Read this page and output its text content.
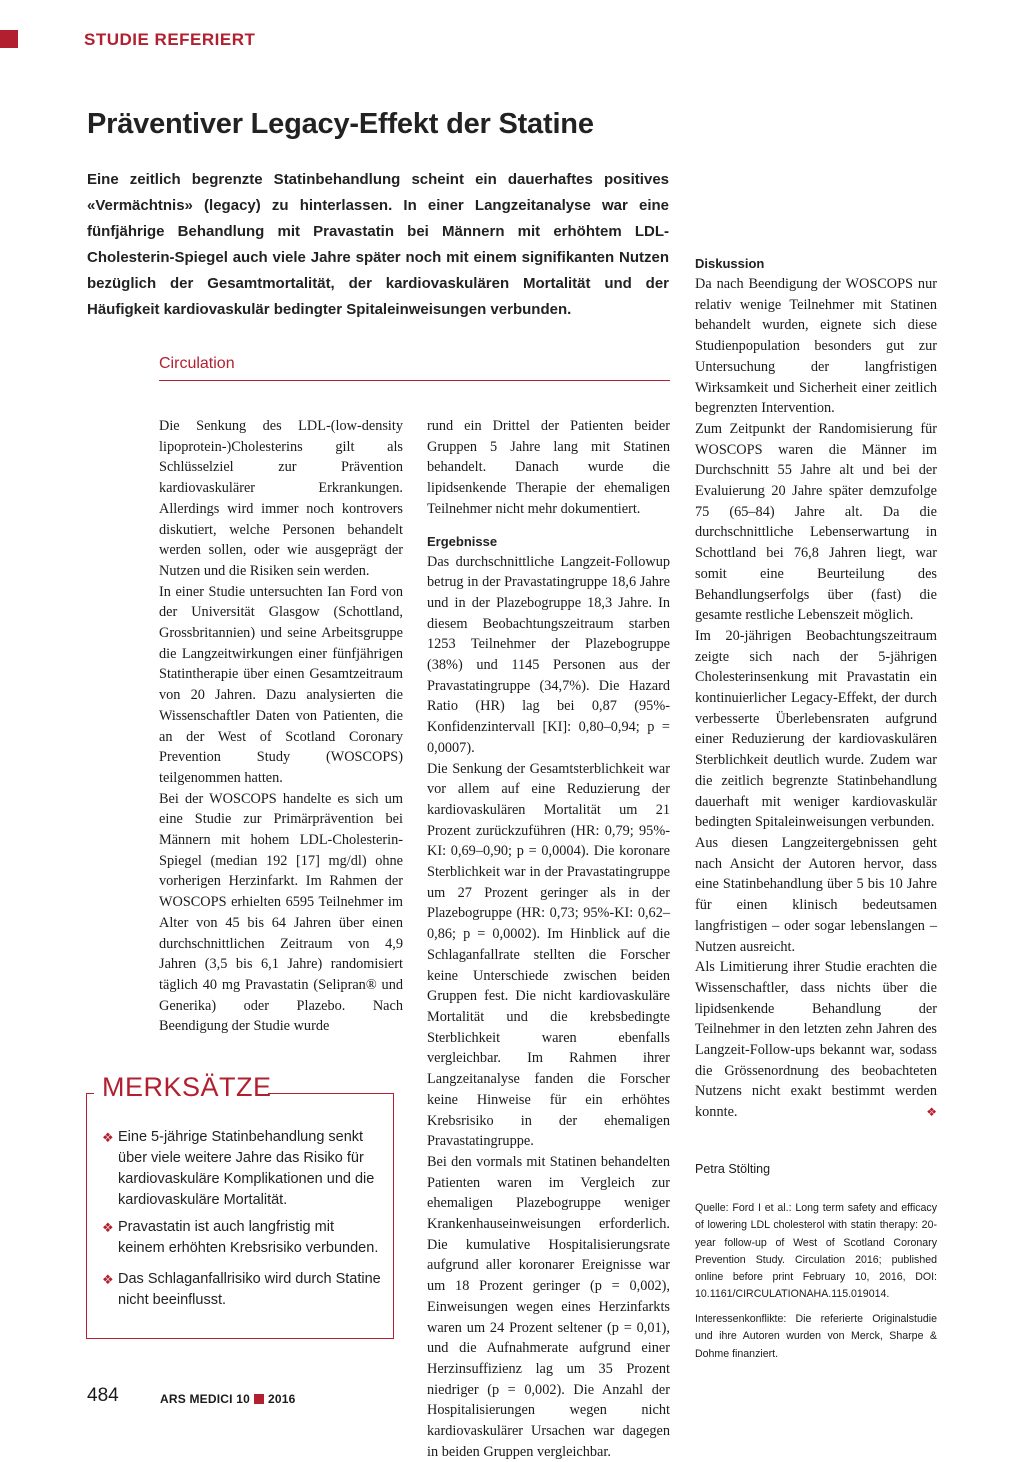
STUDIE REFERIERT
Präventiver Legacy-Effekt der Statine
Eine zeitlich begrenzte Statinbehandlung scheint ein dauerhaftes positives «Vermächtnis» (legacy) zu hinterlassen. In einer Langzeitanalyse war eine fünfjährige Behandlung mit Pravastatin bei Männern mit erhöhtem LDL-Cholesterin-Spiegel auch viele Jahre später noch mit einem signifikanten Nutzen bezüglich der Gesamtmortalität, der kardiovaskulären Mortalität und der Häufigkeit kardiovaskulär bedingter Spitaleinweisungen verbunden.
Circulation

Die Senkung des LDL-(low-density lipoprotein-)Cholesterins gilt als Schlüsselziel zur Prävention kardiovaskulärer Erkrankungen. Allerdings wird immer noch kontrovers diskutiert, welche Personen behandelt werden sollen, oder wie ausgeprägt der Nutzen und die Risiken sein werden.

In einer Studie untersuchten Ian Ford von der Universität Glasgow (Schottland, Grossbritannien) und seine Arbeitsgruppe die Langzeitwirkungen einer fünfjährigen Statintherapie über einen Gesamtzeitraum von 20 Jahren. Dazu analysierten die Wissenschaftler Daten von Patienten, die an der West of Scotland Coronary Prevention Study (WOSCOPS) teilgenommen hatten.

Bei der WOSCOPS handelte es sich um eine Studie zur Primärprävention bei Männern mit hohem LDL-Cholesterin-Spiegel (median 192 [17] mg/dl) ohne vorherigen Herzinfarkt. Im Rahmen der WOSCOPS erhielten 6595 Teilnehmer im Alter von 45 bis 64 Jahren über einen durchschnittlichen Zeitraum von 4,9 Jahren (3,5 bis 6,1 Jahre) randomisiert täglich 40 mg Pravastatin (Selipran® und Generika) oder Plazebo. Nach Beendigung der Studie wurde

rund ein Drittel der Patienten beider Gruppen 5 Jahre lang mit Statinen behandelt. Danach wurde die lipidsenkende Therapie der ehemaligen Teilnehmer nicht mehr dokumentiert.

Ergebnisse

Das durchschnittliche Langzeit-Followup betrug in der Pravastatingruppe 18,6 Jahre und in der Plazebogruppe 18,3 Jahre. In diesem Beobachtungszeitraum starben 1253 Teilnehmer der Plazebogruppe (38%) und 1145 Personen aus der Pravastatingruppe (34,7%). Die Hazard Ratio (HR) lag bei 0,87 (95%-Konfidenzintervall [KI]: 0,80–0,94; p = 0,0007).

Die Senkung der Gesamtsterblichkeit war vor allem auf eine Reduzierung der kardiovaskulären Mortalität um 21 Prozent zurückzuführen (HR: 0,79; 95%-KI: 0,69–0,90; p = 0,0004). Die koronare Sterblichkeit war in der Pravastatingruppe um 27 Prozent geringer als in der Plazebogruppe (HR: 0,73; 95%-KI: 0,62–0,86; p = 0,0002). Im Hinblick auf die Schlaganfallrate stellten die Forscher keine Unterschiede zwischen beiden Gruppen fest. Die nicht kardiovaskuläre Mortalität und die krebsbedingte Sterblichkeit waren ebenfalls vergleichbar. Im Rahmen ihrer Langzeitanalyse fanden die Forscher keine Hinweise für ein erhöhtes Krebsrisiko in der ehemaligen Pravastatingruppe.

Bei den vormals mit Statinen behandelten Patienten waren im Vergleich zur ehemaligen Plazebogruppe weniger Krankenhauseinweisungen erforderlich. Die kumulative Hospitalisierungsrate aufgrund aller koronarer Ereignisse war um 18 Prozent geringer (p = 0,002), Einweisungen wegen eines Herzinfarkts waren um 24 Prozent seltener (p = 0,01), und die Aufnahmerate aufgrund einer Herzinsuffizienz lag um 35 Prozent niedriger (p = 0,002). Die Anzahl der Hospitalisierungen wegen nicht kardiovaskulärer Ursachen war dagegen in beiden Gruppen vergleichbar.

Diskussion

Da nach Beendigung der WOSCOPS nur relativ wenige Teilnehmer mit Statinen behandelt wurden, eignete sich diese Studienpopulation besonders gut zur Untersuchung der langfristigen Wirksamkeit und Sicherheit einer zeitlich begrenzten Intervention.

Zum Zeitpunkt der Randomisierung für WOSCOPS waren die Männer im Durchschnitt 55 Jahre alt und bei der Evaluierung 20 Jahre später demzufolge 75 (65–84) Jahre alt. Da die durchschnittliche Lebenserwartung in Schottland bei 76,8 Jahren liegt, war somit eine Beurteilung des Behandlungserfolgs über (fast) die gesamte restliche Lebenszeit möglich.

Im 20-jährigen Beobachtungszeitraum zeigte sich nach der 5-jährigen Cholesterinsenkung mit Pravastatin ein kontinuierlicher Legacy-Effekt, der durch verbesserte Überlebensraten aufgrund einer Reduzierung der kardiovaskulären Sterblichkeit deutlich wurde. Zudem war die zeitlich begrenzte Statinbehandlung dauerhaft mit weniger kardiovaskulär bedingten Spitaleinweisungen verbunden.

Aus diesen Langzeitergebnissen geht nach Ansicht der Autoren hervor, dass eine Statinbehandlung über 5 bis 10 Jahre für einen klinisch bedeutsamen langfristigen – oder sogar lebenslangen – Nutzen ausreicht.

Als Limitierung ihrer Studie erachten die Wissenschaftler, dass nichts über die lipidsenkende Behandlung der Teilnehmer in den letzten zehn Jahren des Langzeit-Follow-ups bekannt war, sodass die Grössenordnung des beobachteten Nutzens nicht exakt bestimmt werden konnte.	❖

MERKSÄTZE
❖ Eine 5-jährige Statinbehandlung senkt über viele weitere Jahre das Risiko für kardiovaskuläre Komplikationen und die kardiovaskuläre Mortalität.
❖ Pravastatin ist auch langfristig mit keinem erhöhten Krebsrisiko verbunden.
❖ Das Schlaganfallrisiko wird durch Statine nicht beeinflusst.
Petra Stölting
Quelle: Ford I et al.: Long term safety and efficacy of lowering LDL cholesterol with statin therapy: 20-year follow-up of West of Scotland Coronary Prevention Study. Circulation 2016; published online before print February 10, 2016, DOI: 10.1161/CIRCULATIONAHA.115.019014.
Interessenkonflikte: Die referierte Originalstudie und ihre Autoren wurden von Merck, Sharpe & Dohme finanziert.
484	ARS MEDICI 10 2016
